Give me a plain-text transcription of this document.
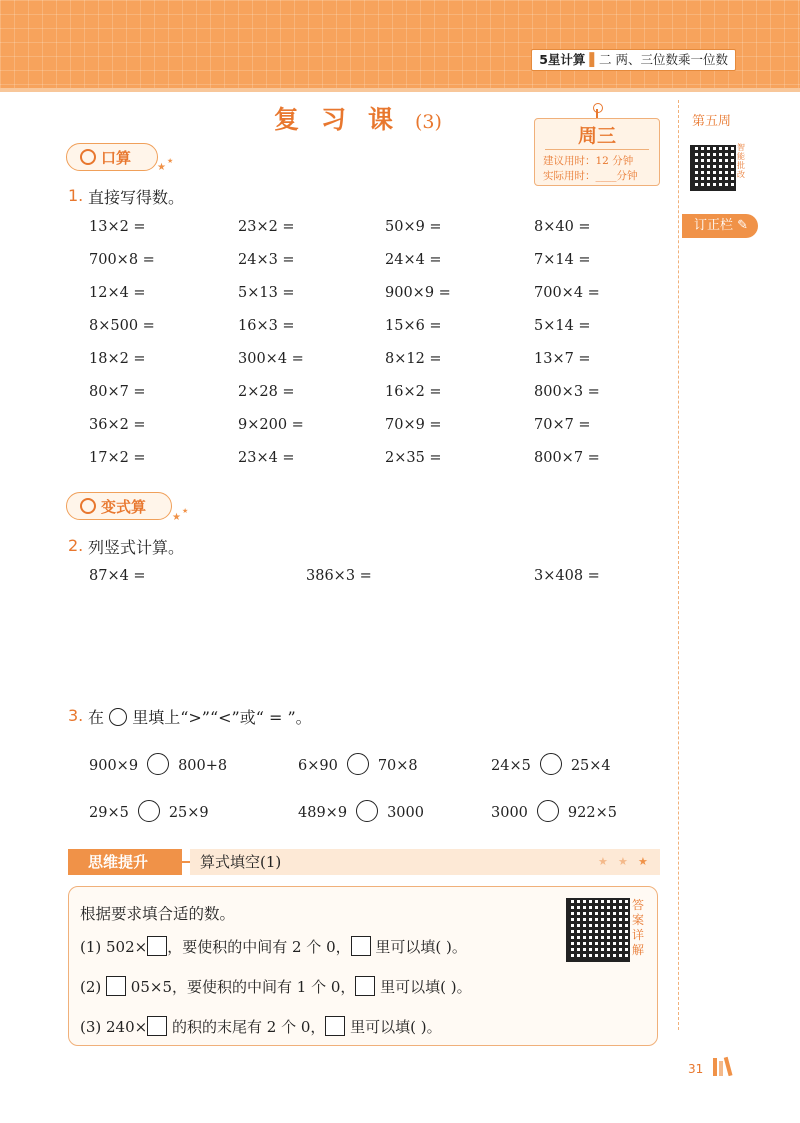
5星计算 ▌二 两、三位数乘一位数
复习课(3)
周三
建议用时：12 分钟
实际用时：____分钟
第五周
智能批改
订正栏 ✎
口算
★
★
1. 直接写得数。
13×2 =	23×2 =	50×9 =	8×40 =
700×8 =	24×3 =	24×4 =	7×14 =
12×4 =	5×13 =	900×9 =	700×4 =
8×500 =	16×3 =	15×6 =	5×14 =
18×2 =	300×4 =	8×12 =	13×7 =
80×7 =	2×28 =	16×2 =	800×3 =
36×2 =	9×200 =	70×9 =	70×7 =
17×2 =	23×4 =	2×35 =	800×7 =
变式算
★
★
2. 列竖式计算。
87×4 =	386×3 =	3×408 =
3. 在 里填上“>”“<”或“ = ”。
900×9	800+8	6×90	70×8	24×5	25×4
29×5	25×9	489×9	3000	3000	922×5
思维提升	算式填空(1)	★ ★ ★
根据要求填合适的数。
(1) 502× ，要使积的中间有 2 个 0， 里可以填( )。
(2)  05×5，要使积的中间有 1 个 0， 里可以填( )。
(3) 240× 的积的末尾有 2 个 0， 里可以填( )。
答案详解
31
